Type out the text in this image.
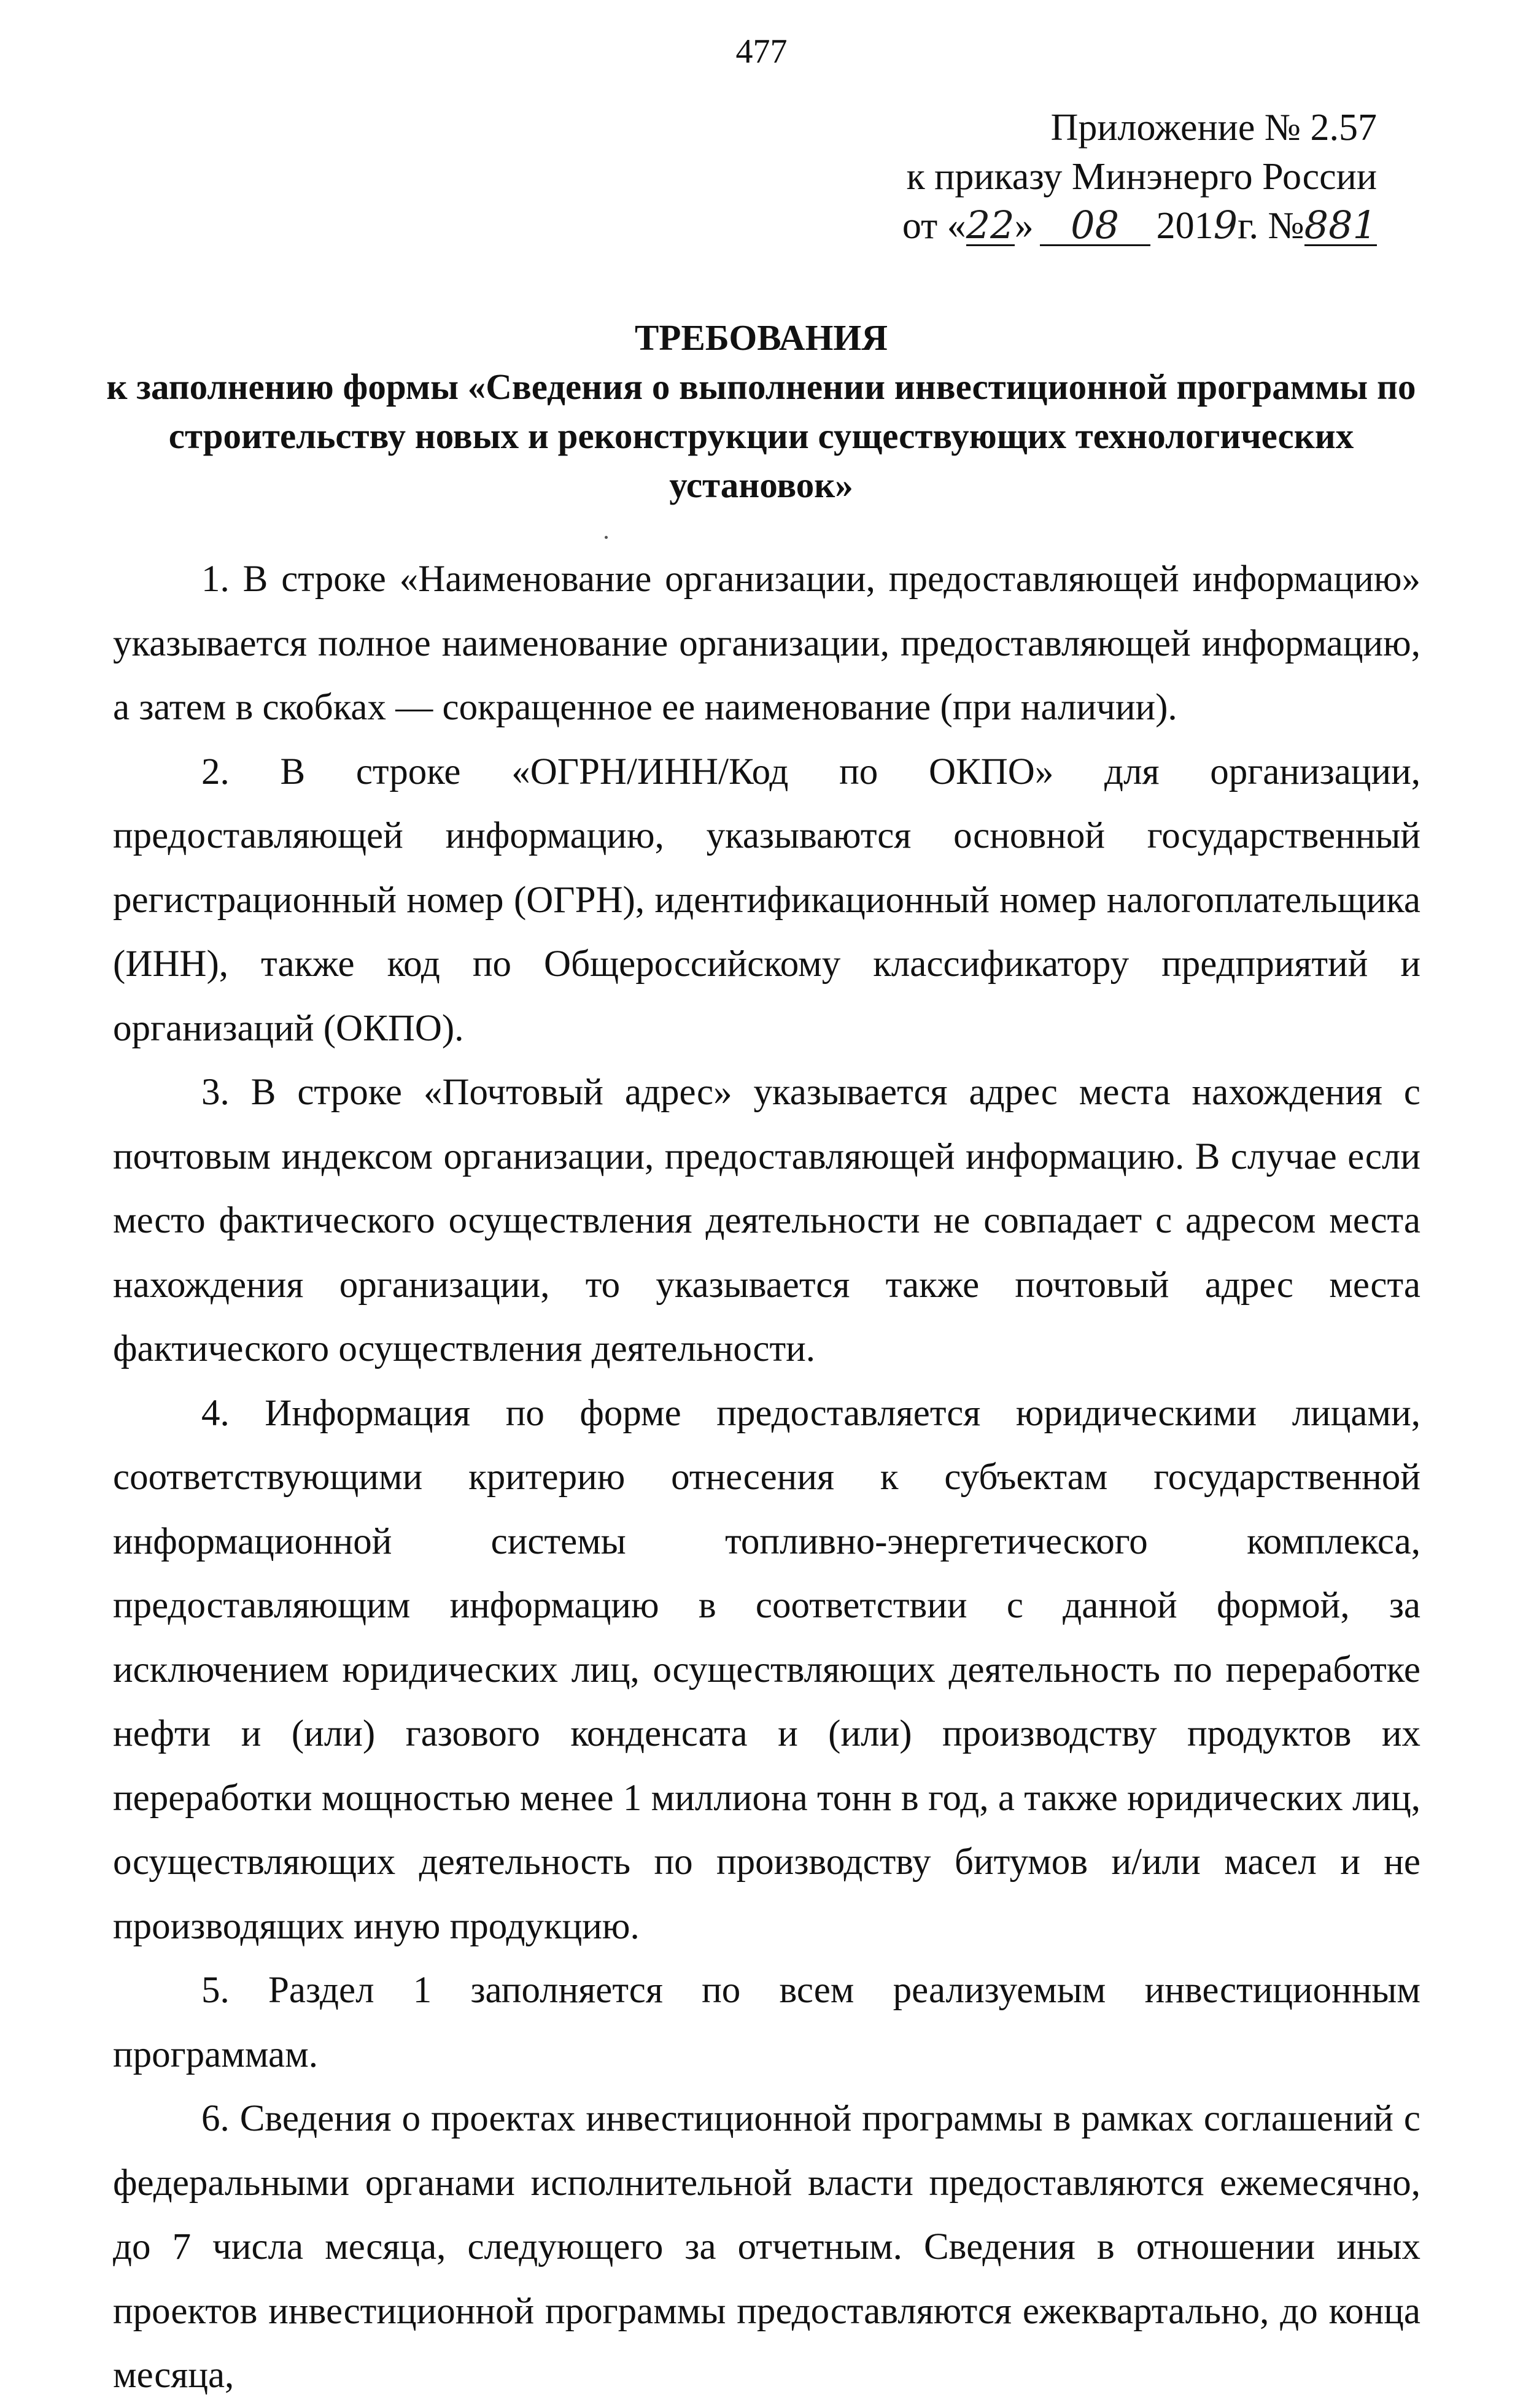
477
Приложение № 2.57
к приказу Минэнерго России
от «22» 08 2019г. №881
ТРЕБОВАНИЯ
к заполнению формы «Сведения о выполнении инвестиционной программы по строительству новых и реконструкции существующих технологических установок»

1. В строке «Наименование организации, предоставляющей информацию» указывается полное наименование организации, предоставляющей информацию, а затем в скобках — сокращенное ее наименование (при наличии).

2. В строке «ОГРН/ИНН/Код по ОКПО» для организации, предоставляющей информацию, указываются основной государственный регистрационный номер (ОГРН), идентификационный номер налогоплательщика (ИНН), также код по Общероссийскому классификатору предприятий и организаций (ОКПО).

3. В строке «Почтовый адрес» указывается адрес места нахождения с почтовым индексом организации, предоставляющей информацию. В случае если место фактического осуществления деятельности не совпадает с адресом места нахождения организации, то указывается также почтовый адрес места фактического осуществления деятельности.

4. Информация по форме предоставляется юридическими лицами, соответствующими критерию отнесения к субъектам государственной информационной системы топливно-энергетического комплекса, предоставляющим информацию в соответствии с данной формой, за исключением юридических лиц, осуществляющих деятельность по переработке нефти и (или) газового конденсата и (или) производству продуктов их переработки мощностью менее 1 миллиона тонн в год, а также юридических лиц, осуществляющих деятельность по производству битумов и/или масел и не производящих иную продукцию.

5. Раздел 1 заполняется по всем реализуемым инвестиционным программам.

6. Сведения о проектах инвестиционной программы в рамках соглашений с федеральными органами исполнительной власти предоставляются ежемесячно, до 7 числа месяца, следующего за отчетным. Сведения в отношении иных проектов инвестиционной программы предоставляются ежеквартально, до конца месяца,
